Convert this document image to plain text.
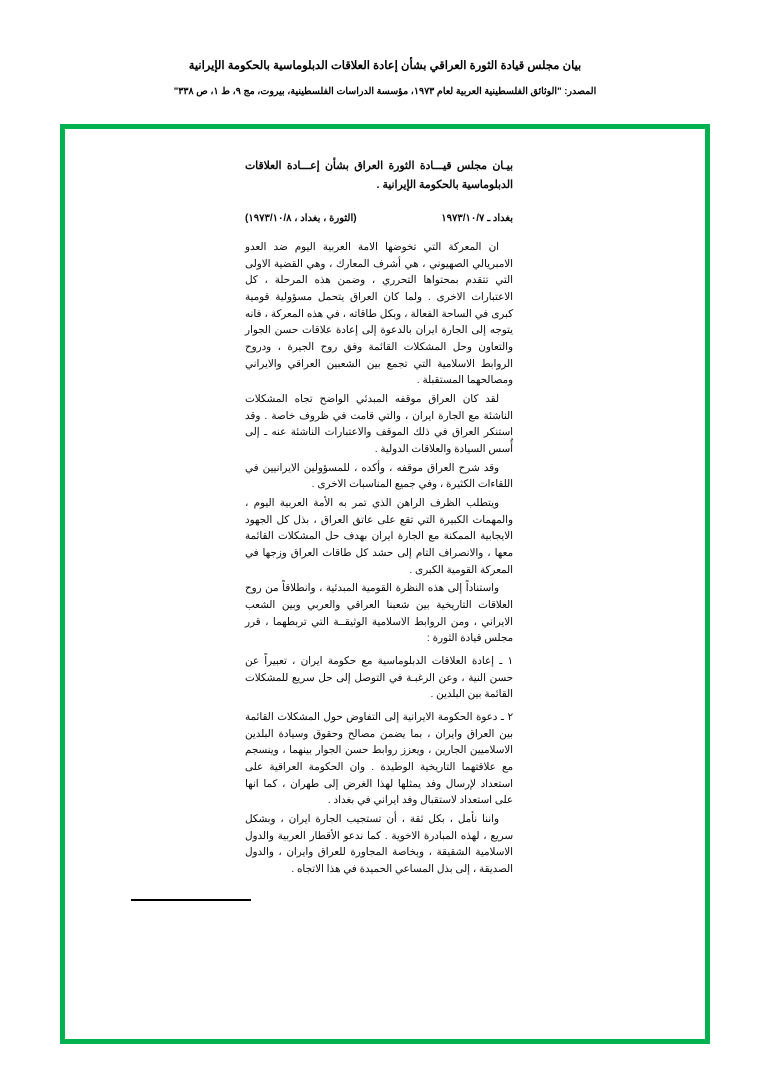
بيان مجلس قيادة الثورة العراقي بشأن إعادة العلاقات الدبلوماسية بالحكومة الإيرانية
المصدر: "الوثائق الفلسطينية العربية لعام ١٩٧٣، مؤسسة الدراسات الفلسطينية، بيروت، مج ٩، ط ١، ص ٣٣٨"
بيـان مجلس قيـــادة الثورة العراق بشأن إعـــادة العلاقات الدبلوماسية بالحكومة الإيرانية .
بغداد ـ ١٩٧٣/١٠/٧
(الثورة ، بغداد ، ١٩٧٣/١٠/٨)

ان المعركة التي تخوضها الامة العربية اليوم ضد العدو الامبريالي الصهيوني ، هي أشرف المعارك ، وهي القضية الاولى التي تتقدم بمحتواها التحرري ، وضمن هذه المرحلة ، كل الاعتبارات الاخرى . ولما كان العراق يتحمل مسؤولية قومية كبرى في الساحة الفعالة ، وبكل طاقاته ، في هذه المعركة ، فانه يتوجه إلى الجارة ايران بالدعوة إلى إعادة علاقات حسن الجوار والتعاون وحل المشكلات القائمة وفق روح الجيرة ، ودروح الروابط الاسلامية التي تجمع بين الشعبين العراقي والايراني ومصالحهما المستقبلة .

لقد كان العراق موقفه المبدئي الواضح تجاه المشكلات الناشئة مع الجارة ايران ، والتي قامت في ظروف خاصة . وقد استنكر العراق في ذلك الموقف والاعتبارات الناشئة عنه ـ إلى أُسس السيادة والعلاقات الدولية .

وقد شرح العراق موقفه ، وأكده ، للمسؤولين الايرانيين في اللقاءات الكثيرة ، وفي جميع المناسبات الاخرى .

ويتطلب الظرف الراهن الذي تمر به الأمة العربية اليوم ، والمهمات الكبيرة التي تقع على عاتق العراق ، بذل كل الجهود الايجابية الممكنة مع الجارة ايران بهدف حل المشكلات القائمة معها ، والانصراف التام إلى حشد كل طاقات العراق وزجها في المعركة القومية الكبرى .

واستناداً إلى هذه النظرة القومية المبدئية ، وانطلاقاً من روح العلاقات التاريخية بين شعبنا العراقي والعربي وبين الشعب الايراني ، ومن الروابط الاسلامية الوثيقــة التي تربطهما ، قرر مجلس قيادة الثورة :

١ ـ إعادة العلاقات الدبلوماسية مع حكومة ايران ، تعبيراً عن حسن النية ، وعن الرغبـة في التوصل إلى حل سريع للمشكلات القائمة بين البلدين .

٢ ـ دعوة الحكومة الايرانية إلى التفاوض حول المشكلات القائمة بين العراق وايران ، بما يضمن مصالح وحقوق وسيادة البلدين الاسلاميين الجارين ، ويعزز روابط حسن الجوار بينهما ، وينسجم مع علاقتهما التاريخية الوطيدة . وان الحكومة العراقية على استعداد لإرسال وفد يمثلها لهذا الغرض إلى طهران ، كما انها على استعداد لاستقبال وفد ايراني في بغداد .

واننا نأمل ، بكل ثقة ، أن تستجيب الجارة ايران ، وبشكل سريع ، لهذه المبادرة الاخوية . كما ندعو الأقطار العربية والدول الاسلامية الشقيقة ، وبخاصة المجاورة للعراق وايران ، والدول الصديقة ، إلى بذل المساعي الحميدة في هذا الاتجاه .
